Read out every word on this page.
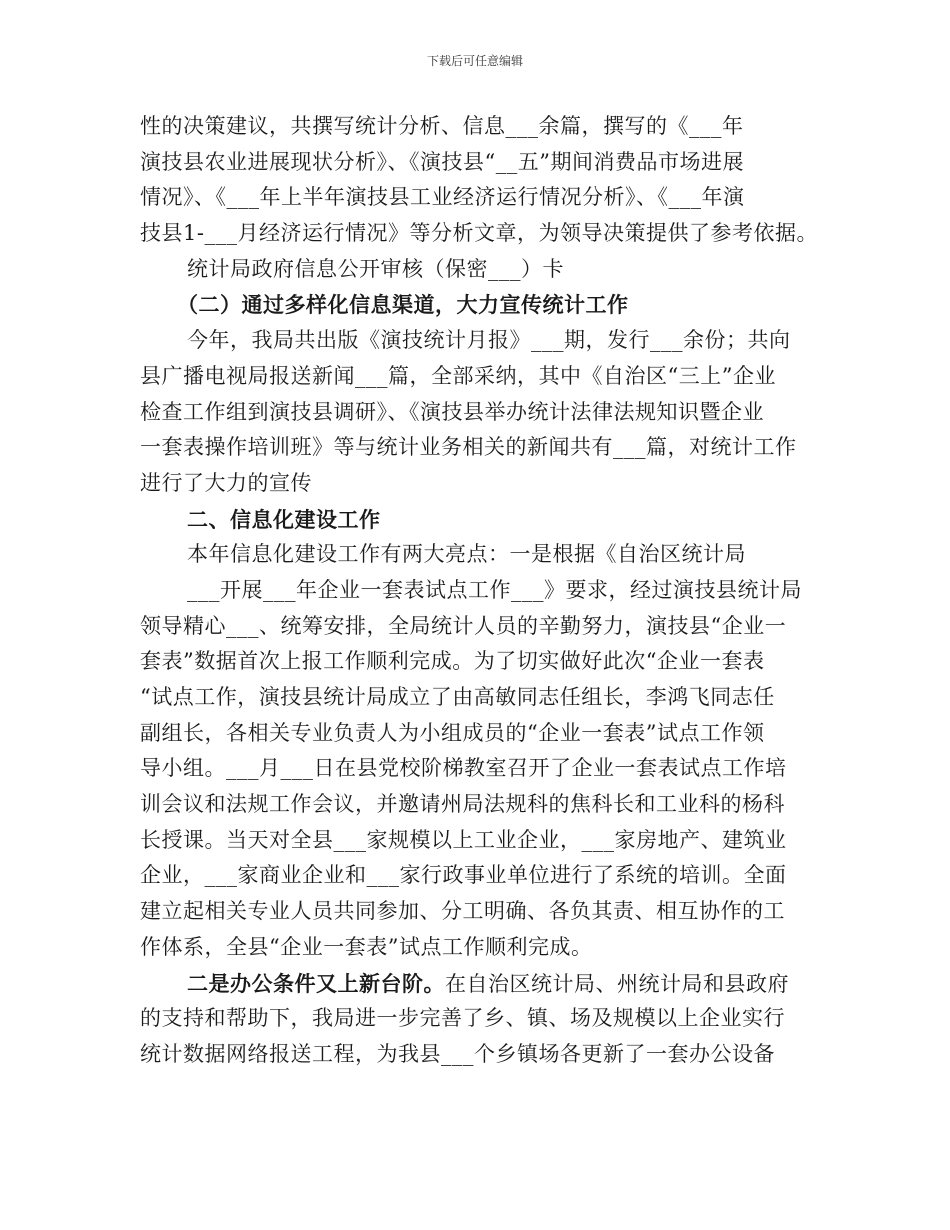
下载后可任意编辑
性的决策建议，共撰写统计分析、信息___余篇，撰写的《___年
演技县农业进展现状分析》、《演技县“__五”期间消费品市场进展
情况》、《___年上半年演技县工业经济运行情况分析》、《___年演
技县1-___月经济运行情况》等分析文章，为领导决策提供了参考依据。
统计局政府信息公开审核（保密___）卡
（二）通过多样化信息渠道，大力宣传统计工作
今年，我局共出版《演技统计月报》___期，发行___余份；共向
县广播电视局报送新闻___篇，全部采纳，其中《自治区“三上”企业
检查工作组到演技县调研》、《演技县举办统计法律法规知识暨企业
一套表操作培训班》等与统计业务相关的新闻共有___篇，对统计工作
进行了大力的宣传
二、信息化建设工作
本年信息化建设工作有两大亮点：一是根据《自治区统计局
___开展___年企业一套表试点工作___》要求，经过演技县统计局
领导精心___、统筹安排，全局统计人员的辛勤努力，演技县“企业一
套表”数据首次上报工作顺利完成。为了切实做好此次“企业一套表
“试点工作，演技县统计局成立了由高敏同志任组长，李鸿飞同志任
副组长，各相关专业负责人为小组成员的“企业一套表”试点工作领
导小组。___月___日在县党校阶梯教室召开了企业一套表试点工作培
训会议和法规工作会议，并邀请州局法规科的焦科长和工业科的杨科
长授课。当天对全县___家规模以上工业企业，___家房地产、建筑业
企业，___家商业企业和___家行政事业单位进行了系统的培训。全面
建立起相关专业人员共同参加、分工明确、各负其责、相互协作的工
作体系，全县“企业一套表”试点工作顺利完成。
二是办公条件又上新台阶。在自治区统计局、州统计局和县政府
的支持和帮助下，我局进一步完善了乡、镇、场及规模以上企业实行
统计数据网络报送工程，为我县___个乡镇场各更新了一套办公设备
